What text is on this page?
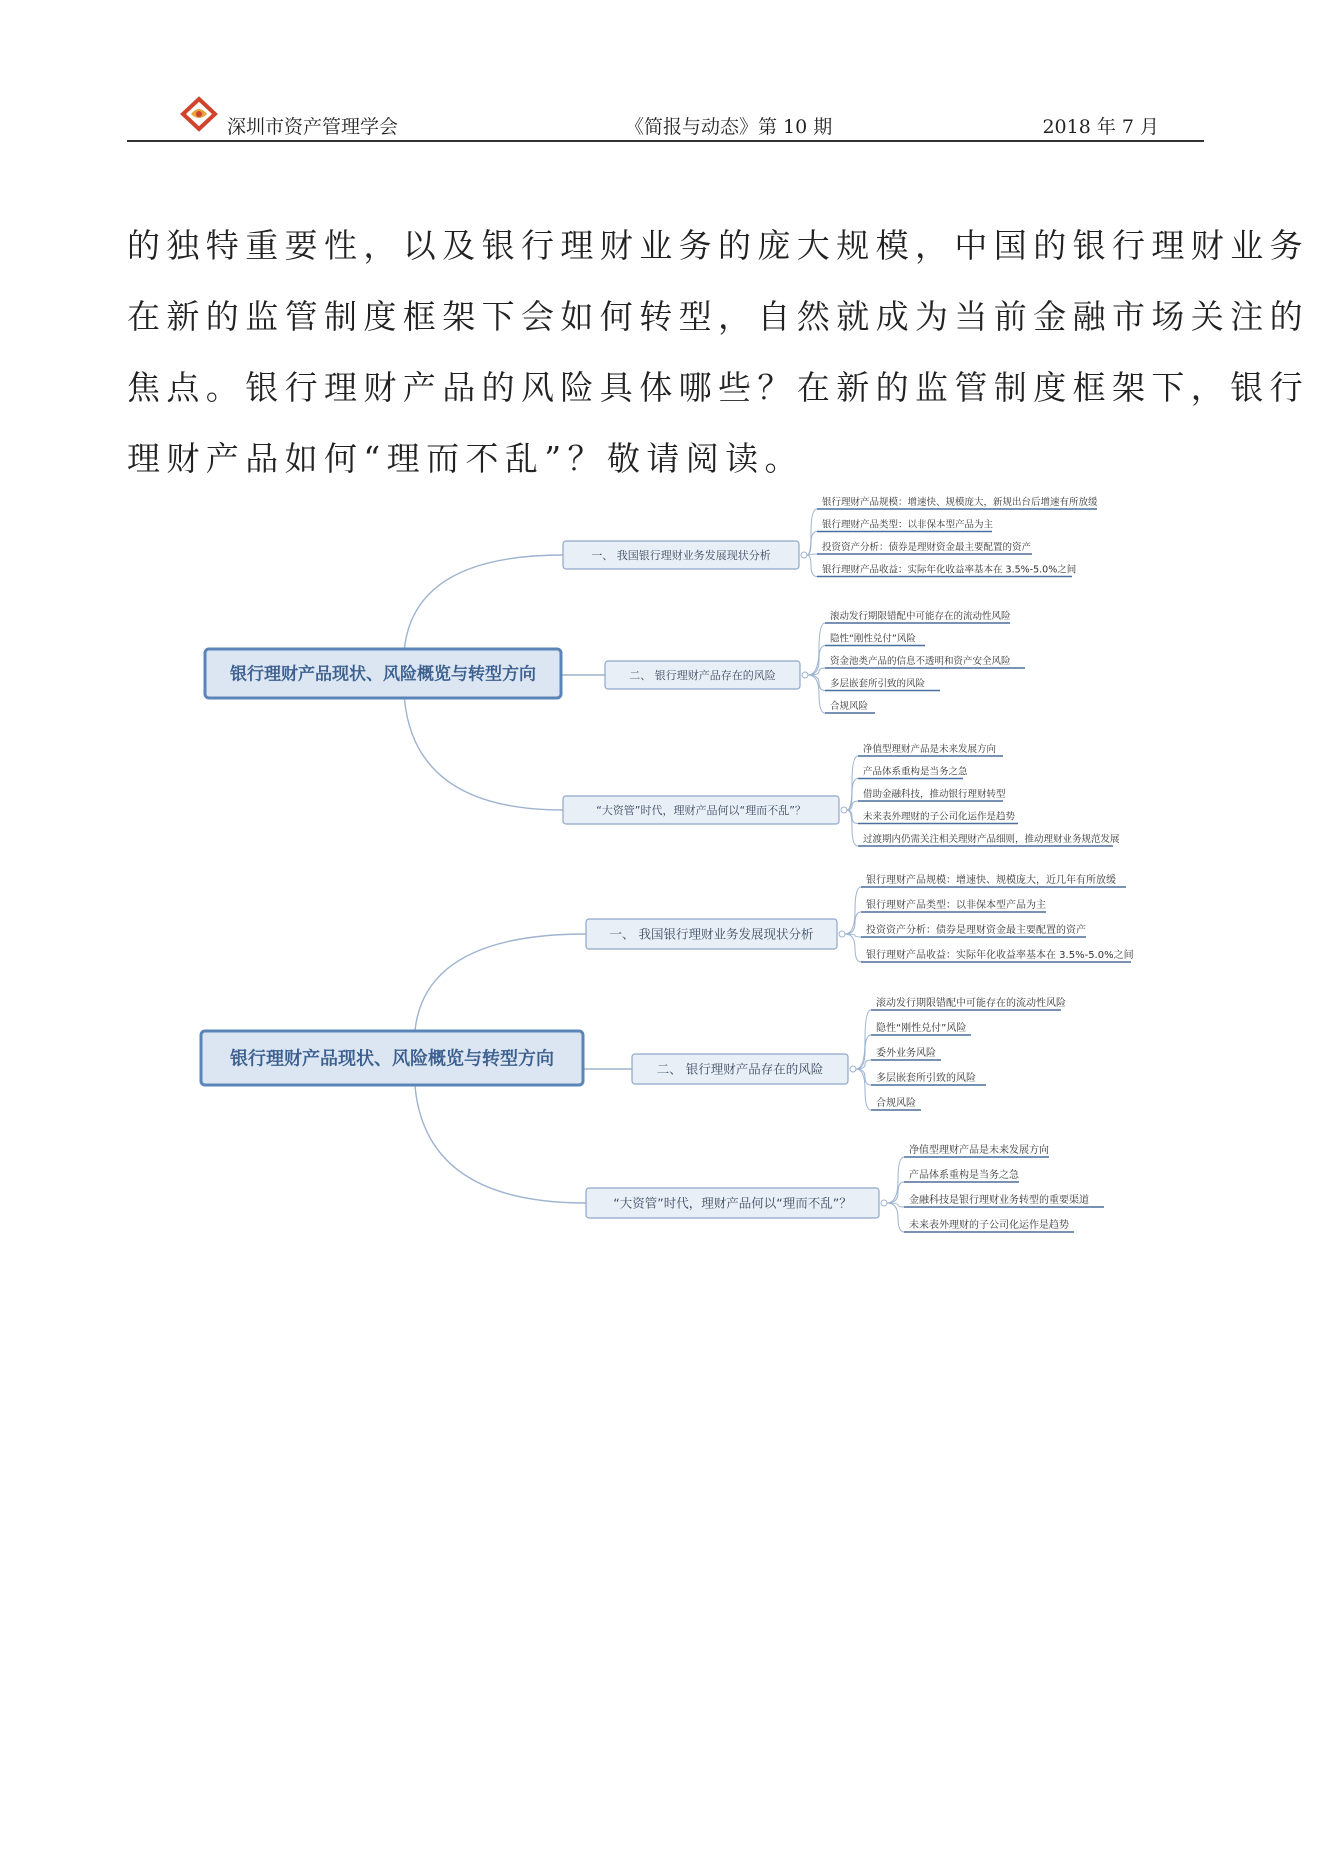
深圳市资产管理学会	《简报与动态》第 10 期	2018 年 7 月

的独特重要性，以及银行理财业务的庞大规模，中国的银行理财业务
在新的监管制度框架下会如何转型，自然就成为当前金融市场关注的
焦点。银行理财产品的风险具体哪些？在新的监管制度框架下，银行
理财产品如何“理而不乱”？敬请阅读。

一、 我国银行理财业务发展现状分析
银行理财产品规模：增速快、规模庞大，新规出台后增速有所放缓
银行理财产品类型：以非保本型产品为主
投资资产分析：债券是理财资金最主要配置的资产
银行理财产品收益：实际年化收益率基本在 3.5%-5.0%之间
二、 银行理财产品存在的风险
滚动发行期限错配中可能存在的流动性风险
隐性“刚性兑付”风险
资金池类产品的信息不透明和资产安全风险
多层嵌套所引致的风险
合规风险
“大资管”时代，理财产品何以“理而不乱”？
净值型理财产品是未来发展方向
产品体系重构是当务之急
借助金融科技，推动银行理财转型
未来表外理财的子公司化运作是趋势
过渡期内仍需关注相关理财产品细则，推动理财业务规范发展
银行理财产品现状、风险概览与转型方向
一、 我国银行理财业务发展现状分析
银行理财产品规模：增速快、规模庞大，近几年有所放缓
银行理财产品类型：以非保本型产品为主
投资资产分析：债券是理财资金最主要配置的资产
银行理财产品收益：实际年化收益率基本在 3.5%-5.0%之间
二、 银行理财产品存在的风险
滚动发行期限错配中可能存在的流动性风险
隐性“刚性兑付”风险
委外业务风险
多层嵌套所引致的风险
合规风险
“大资管”时代，理财产品何以“理而不乱”？
净值型理财产品是未来发展方向
产品体系重构是当务之急
金融科技是银行理财业务转型的重要渠道
未来表外理财的子公司化运作是趋势
银行理财产品现状、风险概览与转型方向
